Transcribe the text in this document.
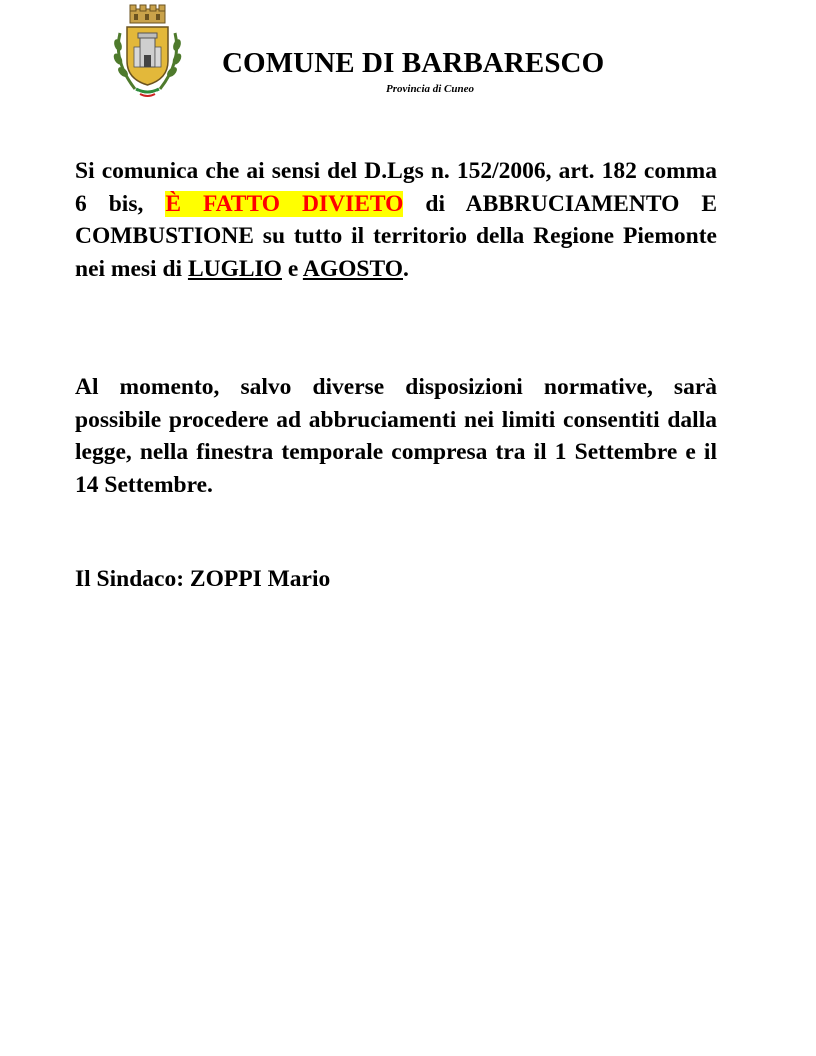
COMUNE DI BARBARESCO
Provincia di Cuneo
Si comunica che ai sensi del D.Lgs n. 152/2006, art. 182 comma 6 bis, È FATTO DIVIETO di ABBRUCIAMENTO E COMBUSTIONE su tutto il territorio della Regione Piemonte nei mesi di LUGLIO e AGOSTO.
Al momento, salvo diverse disposizioni normative, sarà possibile procedere ad abbruciamenti nei limiti consentiti dalla legge, nella finestra temporale compresa tra il 1 Settembre e il 14 Settembre.
Il Sindaco: ZOPPI Mario
